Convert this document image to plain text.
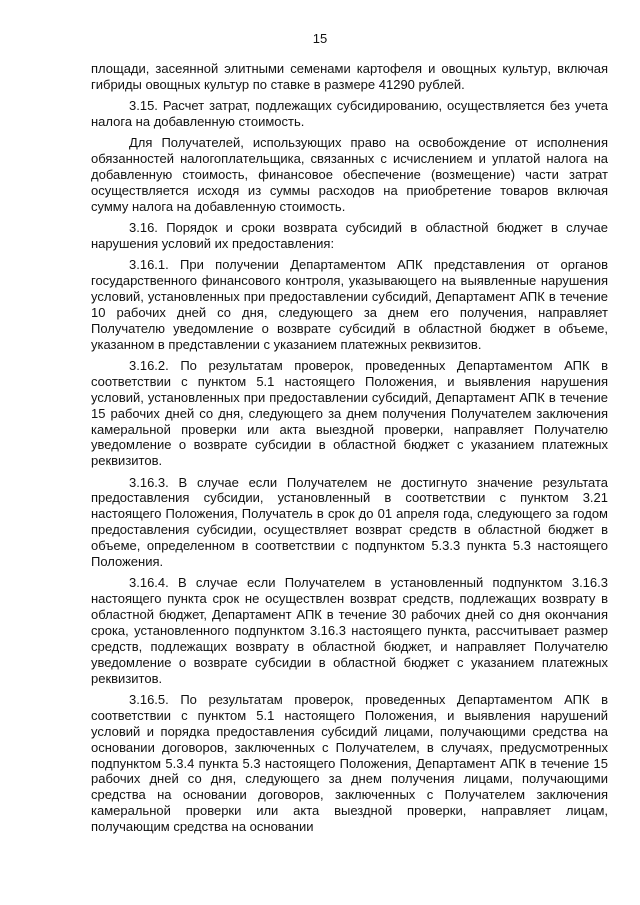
15

площади, засеянной элитными семенами картофеля и овощных культур, включая гибриды овощных культур по ставке в размере 41290 рублей.

3.15. Расчет затрат, подлежащих субсидированию, осуществляется без учета налога на добавленную стоимость.

Для Получателей, использующих право на освобождение от исполнения обязанностей налогоплательщика, связанных с исчислением и уплатой налога на добавленную стоимость, финансовое обеспечение (возмещение) части затрат осуществляется исходя из суммы расходов на приобретение товаров включая сумму налога на добавленную стоимость.

3.16. Порядок и сроки возврата субсидий в областной бюджет в случае нарушения условий их предоставления:

3.16.1. При получении Департаментом АПК представления от органов государственного финансового контроля, указывающего на выявленные нарушения условий, установленных при предоставлении субсидий, Департамент АПК в течение 10 рабочих дней со дня, следующего за днем его получения, направляет Получателю уведомление о возврате субсидий в областной бюджет в объеме, указанном в представлении с указанием платежных реквизитов.

3.16.2. По результатам проверок, проведенных Департаментом АПК в соответствии с пунктом 5.1 настоящего Положения, и выявления нарушения условий, установленных при предоставлении субсидий, Департамент АПК в течение 15 рабочих дней со дня, следующего за днем получения Получателем заключения камеральной проверки или акта выездной проверки, направляет Получателю уведомление о возврате субсидии в областной бюджет с указанием платежных реквизитов.

3.16.3. В случае если Получателем не достигнуто значение результата предоставления субсидии, установленный в соответствии с пунктом 3.21 настоящего Положения, Получатель в срок до 01 апреля года, следующего за годом предоставления субсидии, осуществляет возврат средств в областной бюджет в объеме, определенном в соответствии с подпунктом 5.3.3 пункта 5.3 настоящего Положения.

3.16.4. В случае если Получателем в установленный подпунктом 3.16.3 настоящего пункта срок не осуществлен возврат средств, подлежащих возврату в областной бюджет, Департамент АПК в течение 30 рабочих дней со дня окончания срока, установленного подпунктом 3.16.3 настоящего пункта, рассчитывает размер средств, подлежащих возврату в областной бюджет, и направляет Получателю уведомление о возврате субсидии в областной бюджет с указанием платежных реквизитов.

3.16.5. По результатам проверок, проведенных Департаментом АПК в соответствии с пунктом 5.1 настоящего Положения, и выявления нарушений условий и порядка предоставления субсидий лицами, получающими средства на основании договоров, заключенных с Получателем, в случаях, предусмотренных подпунктом 5.3.4 пункта 5.3 настоящего Положения, Департамент АПК в течение 15 рабочих дней со дня, следующего за днем получения лицами, получающими средства на основании договоров, заключенных с Получателем заключения камеральной проверки или акта выездной проверки, направляет лицам, получающим средства на основании
